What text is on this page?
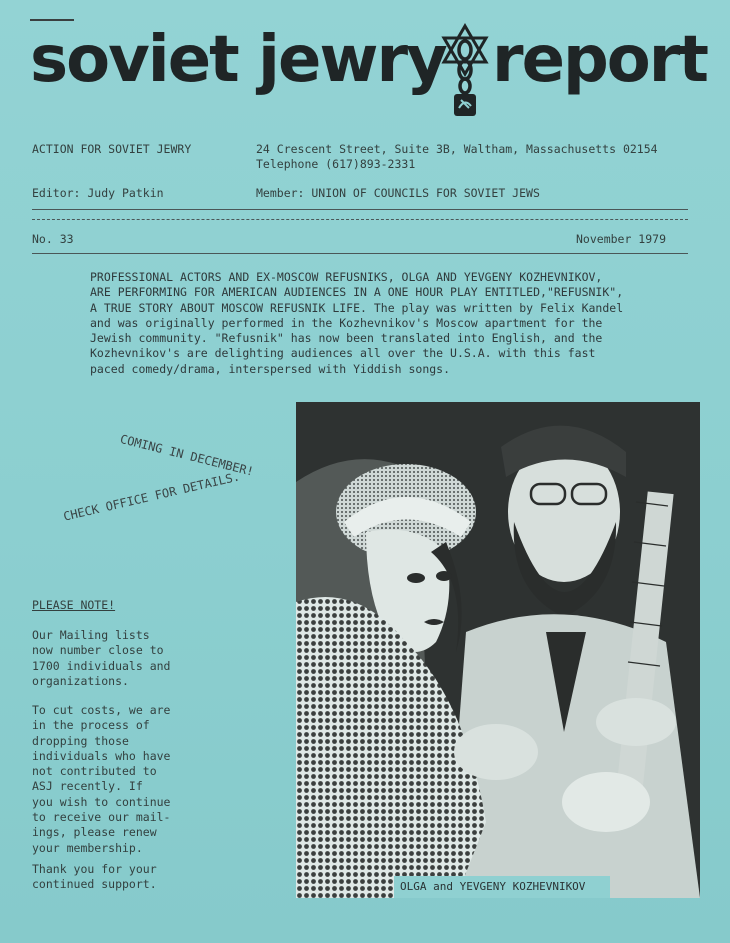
soviet jewry report
ACTION FOR SOVIET JEWRY	24 Crescent Street, Suite 3B, Waltham, Massachusetts 02154
Telephone (617)893-2331
Editor: Judy Patkin	Member: UNION OF COUNCILS FOR SOVIET JEWS
No. 33	November 1979
PROFESSIONAL ACTORS AND EX-MOSCOW REFUSNIKS, OLGA AND YEVGENY KOZHEVNIKOV,
ARE PERFORMING FOR AMERICAN AUDIENCES IN A ONE HOUR PLAY ENTITLED,"REFUSNIK",
A TRUE STORY ABOUT MOSCOW REFUSNIK LIFE. The play was written by Felix Kandel
and was originally performed in the Kozhevnikov's Moscow apartment for the
Jewish community. "Refusnik" has now been translated into English, and the
Kozhevnikov's are delighting audiences all over the U.S.A. with this fast
paced comedy/drama, interspersed with Yiddish songs.
COMING IN DECEMBER!
CHECK OFFICE FOR DETAILS.
PLEASE NOTE!
Our Mailing lists
now number close to
1700 individuals and
organizations.
To cut costs, we are
in the process of
dropping those
individuals who have
not contributed to
ASJ recently. If
you wish to continue
to receive our mail-
ings, please renew
your membership.
Thank you for your
continued support.	OLGA and YEVGENY KOZHEVNIKOV
